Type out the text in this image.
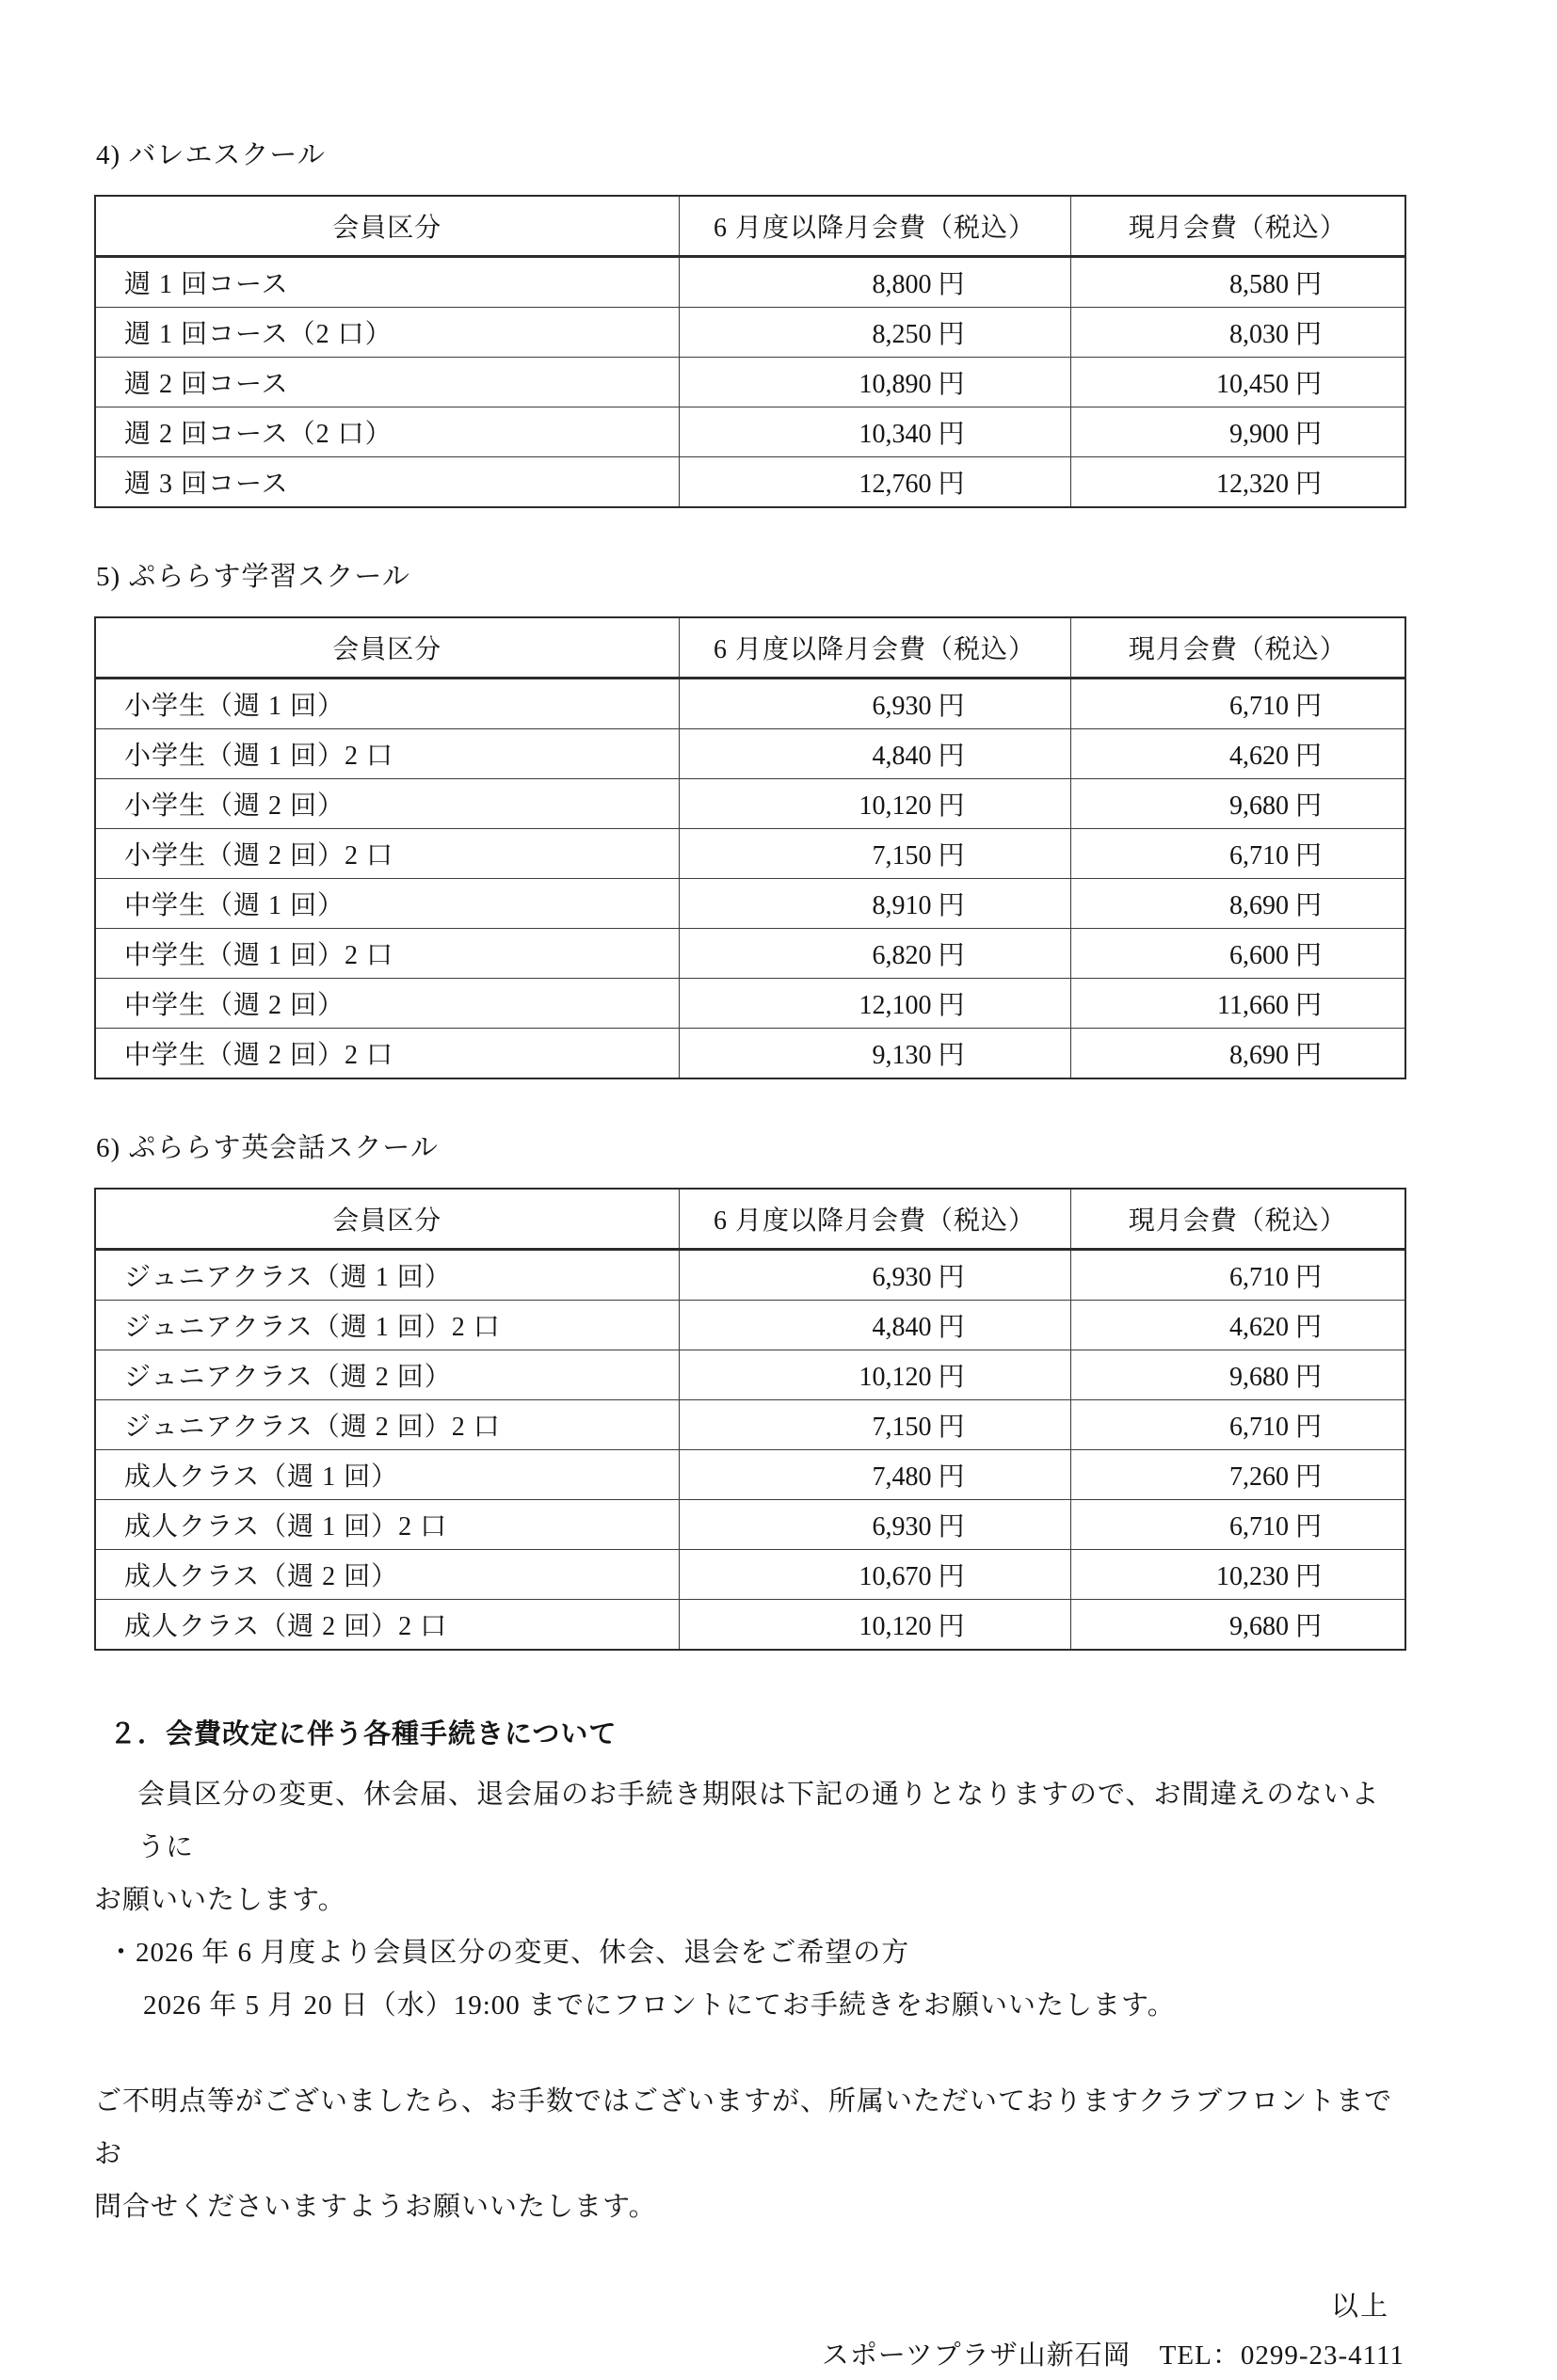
4) バレエスクール
会員区分	6 月度以降月会費（税込）	現月会費（税込）
週 1 回コース	8,800 円	8,580 円
週 1 回コース（2 口）	8,250 円	8,030 円
週 2 回コース	10,890 円	10,450 円
週 2 回コース（2 口）	10,340 円	9,900 円
週 3 回コース	12,760 円	12,320 円
5) ぷららす学習スクール
会員区分	6 月度以降月会費（税込）	現月会費（税込）
小学生（週 1 回）	6,930 円	6,710 円
小学生（週 1 回）2 口	4,840 円	4,620 円
小学生（週 2 回）	10,120 円	9,680 円
小学生（週 2 回）2 口	7,150 円	6,710 円
中学生（週 1 回）	8,910 円	8,690 円
中学生（週 1 回）2 口	6,820 円	6,600 円
中学生（週 2 回）	12,100 円	11,660 円
中学生（週 2 回）2 口	9,130 円	8,690 円
6) ぷららす英会話スクール
会員区分	6 月度以降月会費（税込）	現月会費（税込）
ジュニアクラス（週 1 回）	6,930 円	6,710 円
ジュニアクラス（週 1 回）2 口	4,840 円	4,620 円
ジュニアクラス（週 2 回）	10,120 円	9,680 円
ジュニアクラス（週 2 回）2 口	7,150 円	6,710 円
成人クラス（週 1 回）	7,480 円	7,260 円
成人クラス（週 1 回）2 口	6,930 円	6,710 円
成人クラス（週 2 回）	10,670 円	10,230 円
成人クラス（週 2 回）2 口	10,120 円	9,680 円
２．会費改定に伴う各種手続きについて
会員区分の変更、休会届、退会届のお手続き期限は下記の通りとなりますので、お間違えのないように
お願いいたします。
・2026 年 6 月度より会員区分の変更、休会、退会をご希望の方
2026 年 5 月 20 日（水）19:00 までにフロントにてお手続きをお願いいたします。
ご不明点等がございましたら、お手数ではございますが、所属いただいておりますクラブフロントまでお
問合せくださいますようお願いいたします。
以上
スポーツプラザ山新石岡　TEL：0299-23-4111
